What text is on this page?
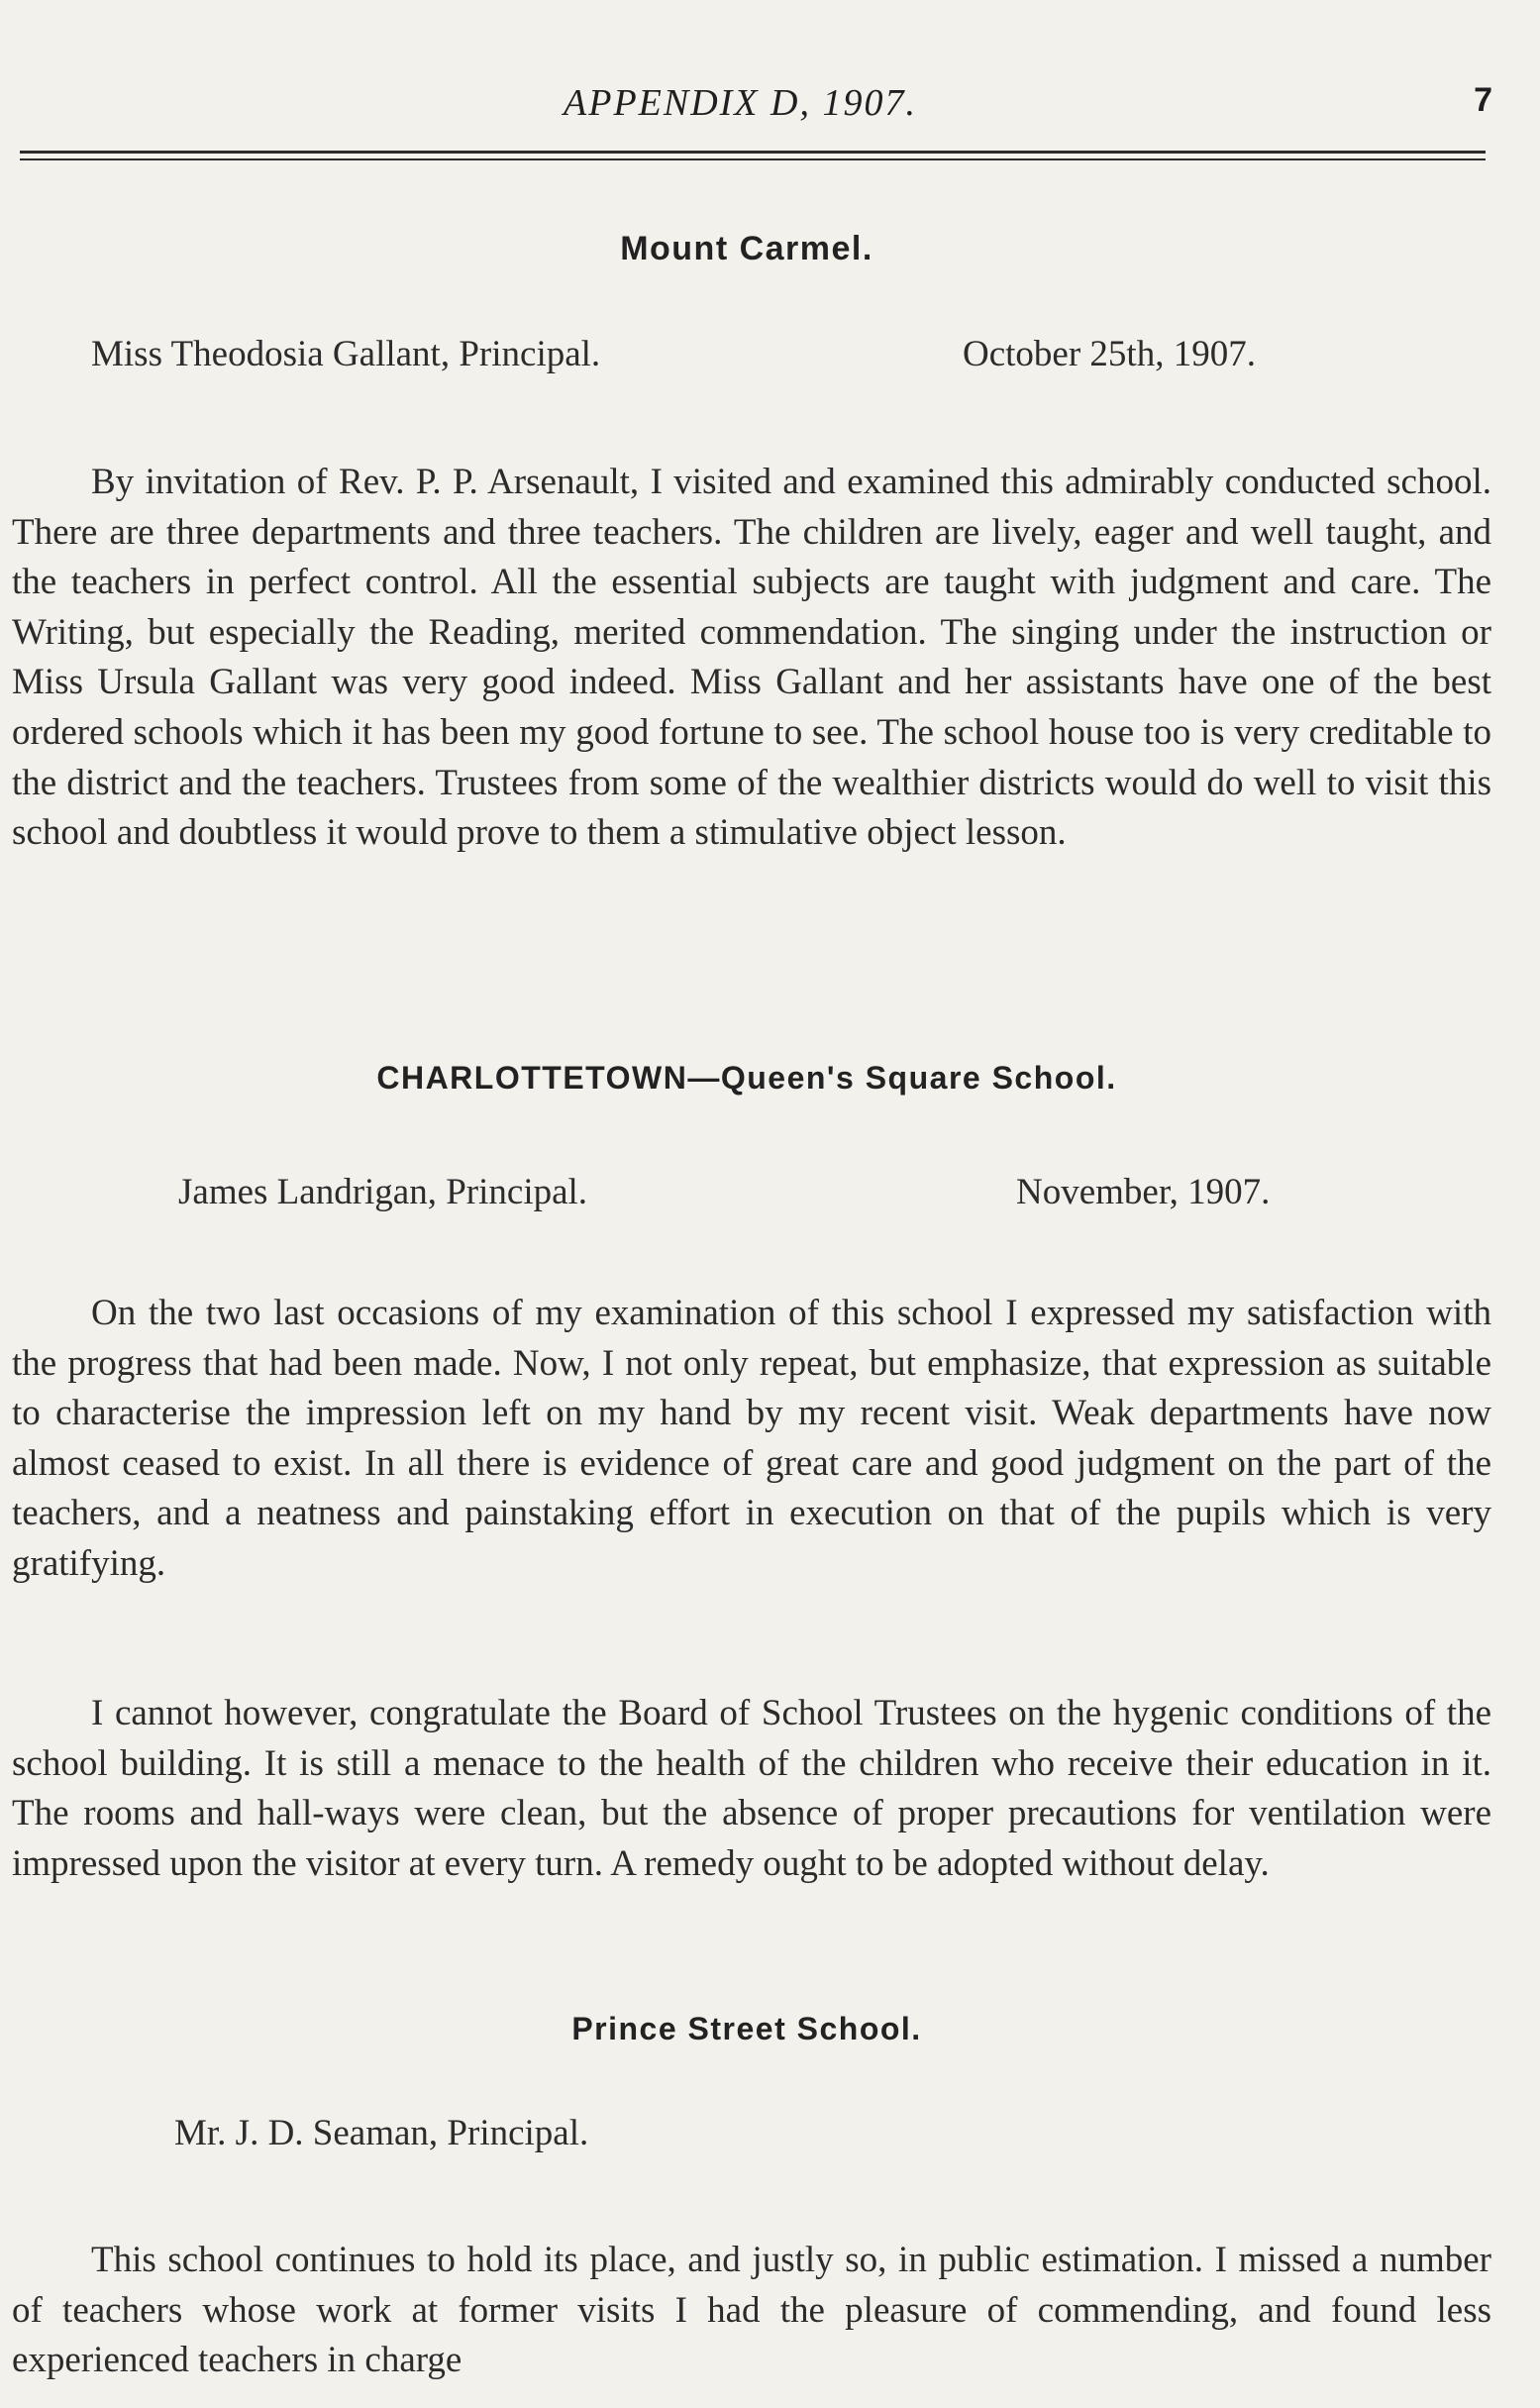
APPENDIX D, 1907.	7
Mount Carmel.
Miss Theodosia Gallant, Principal.	October 25th, 1907.

By invitation of Rev. P. P. Arsenault, I visited and examined this admirably conducted school. There are three departments and three teachers. The children are lively, eager and well taught, and the teachers in perfect control. All the essential subjects are taught with judgment and care. The Writing, but especially the Reading, merited commendation. The singing under the instruction or Miss Ursula Gallant was very good indeed. Miss Gallant and her assistants have one of the best ordered schools which it has been my good fortune to see. The school house too is very creditable to the district and the teachers. Trustees from some of the wealthier districts would do well to visit this school and doubtless it would prove to them a stimulative object lesson.

CHARLOTTETOWN—Queen's Square School.
James Landrigan, Principal.	November, 1907.

On the two last occasions of my examination of this school I expressed my satisfaction with the progress that had been made. Now, I not only repeat, but emphasize, that expression as suitable to characterise the impression left on my hand by my recent visit. Weak departments have now almost ceased to exist. In all there is evidence of great care and good judgment on the part of the teachers, and a neatness and painstaking effort in execution on that of the pupils which is very gratifying.

I cannot however, congratulate the Board of School Trustees on the hygenic conditions of the school building. It is still a menace to the health of the children who receive their education in it. The rooms and hall-ways were clean, but the absence of proper precautions for ventilation were impressed upon the visitor at every turn. A remedy ought to be adopted without delay.

Prince Street School.
Mr. J. D. Seaman, Principal.

This school continues to hold its place, and justly so, in public estimation. I missed a number of teachers whose work at former visits I had the pleasure of commending, and found less experienced teachers in charge
